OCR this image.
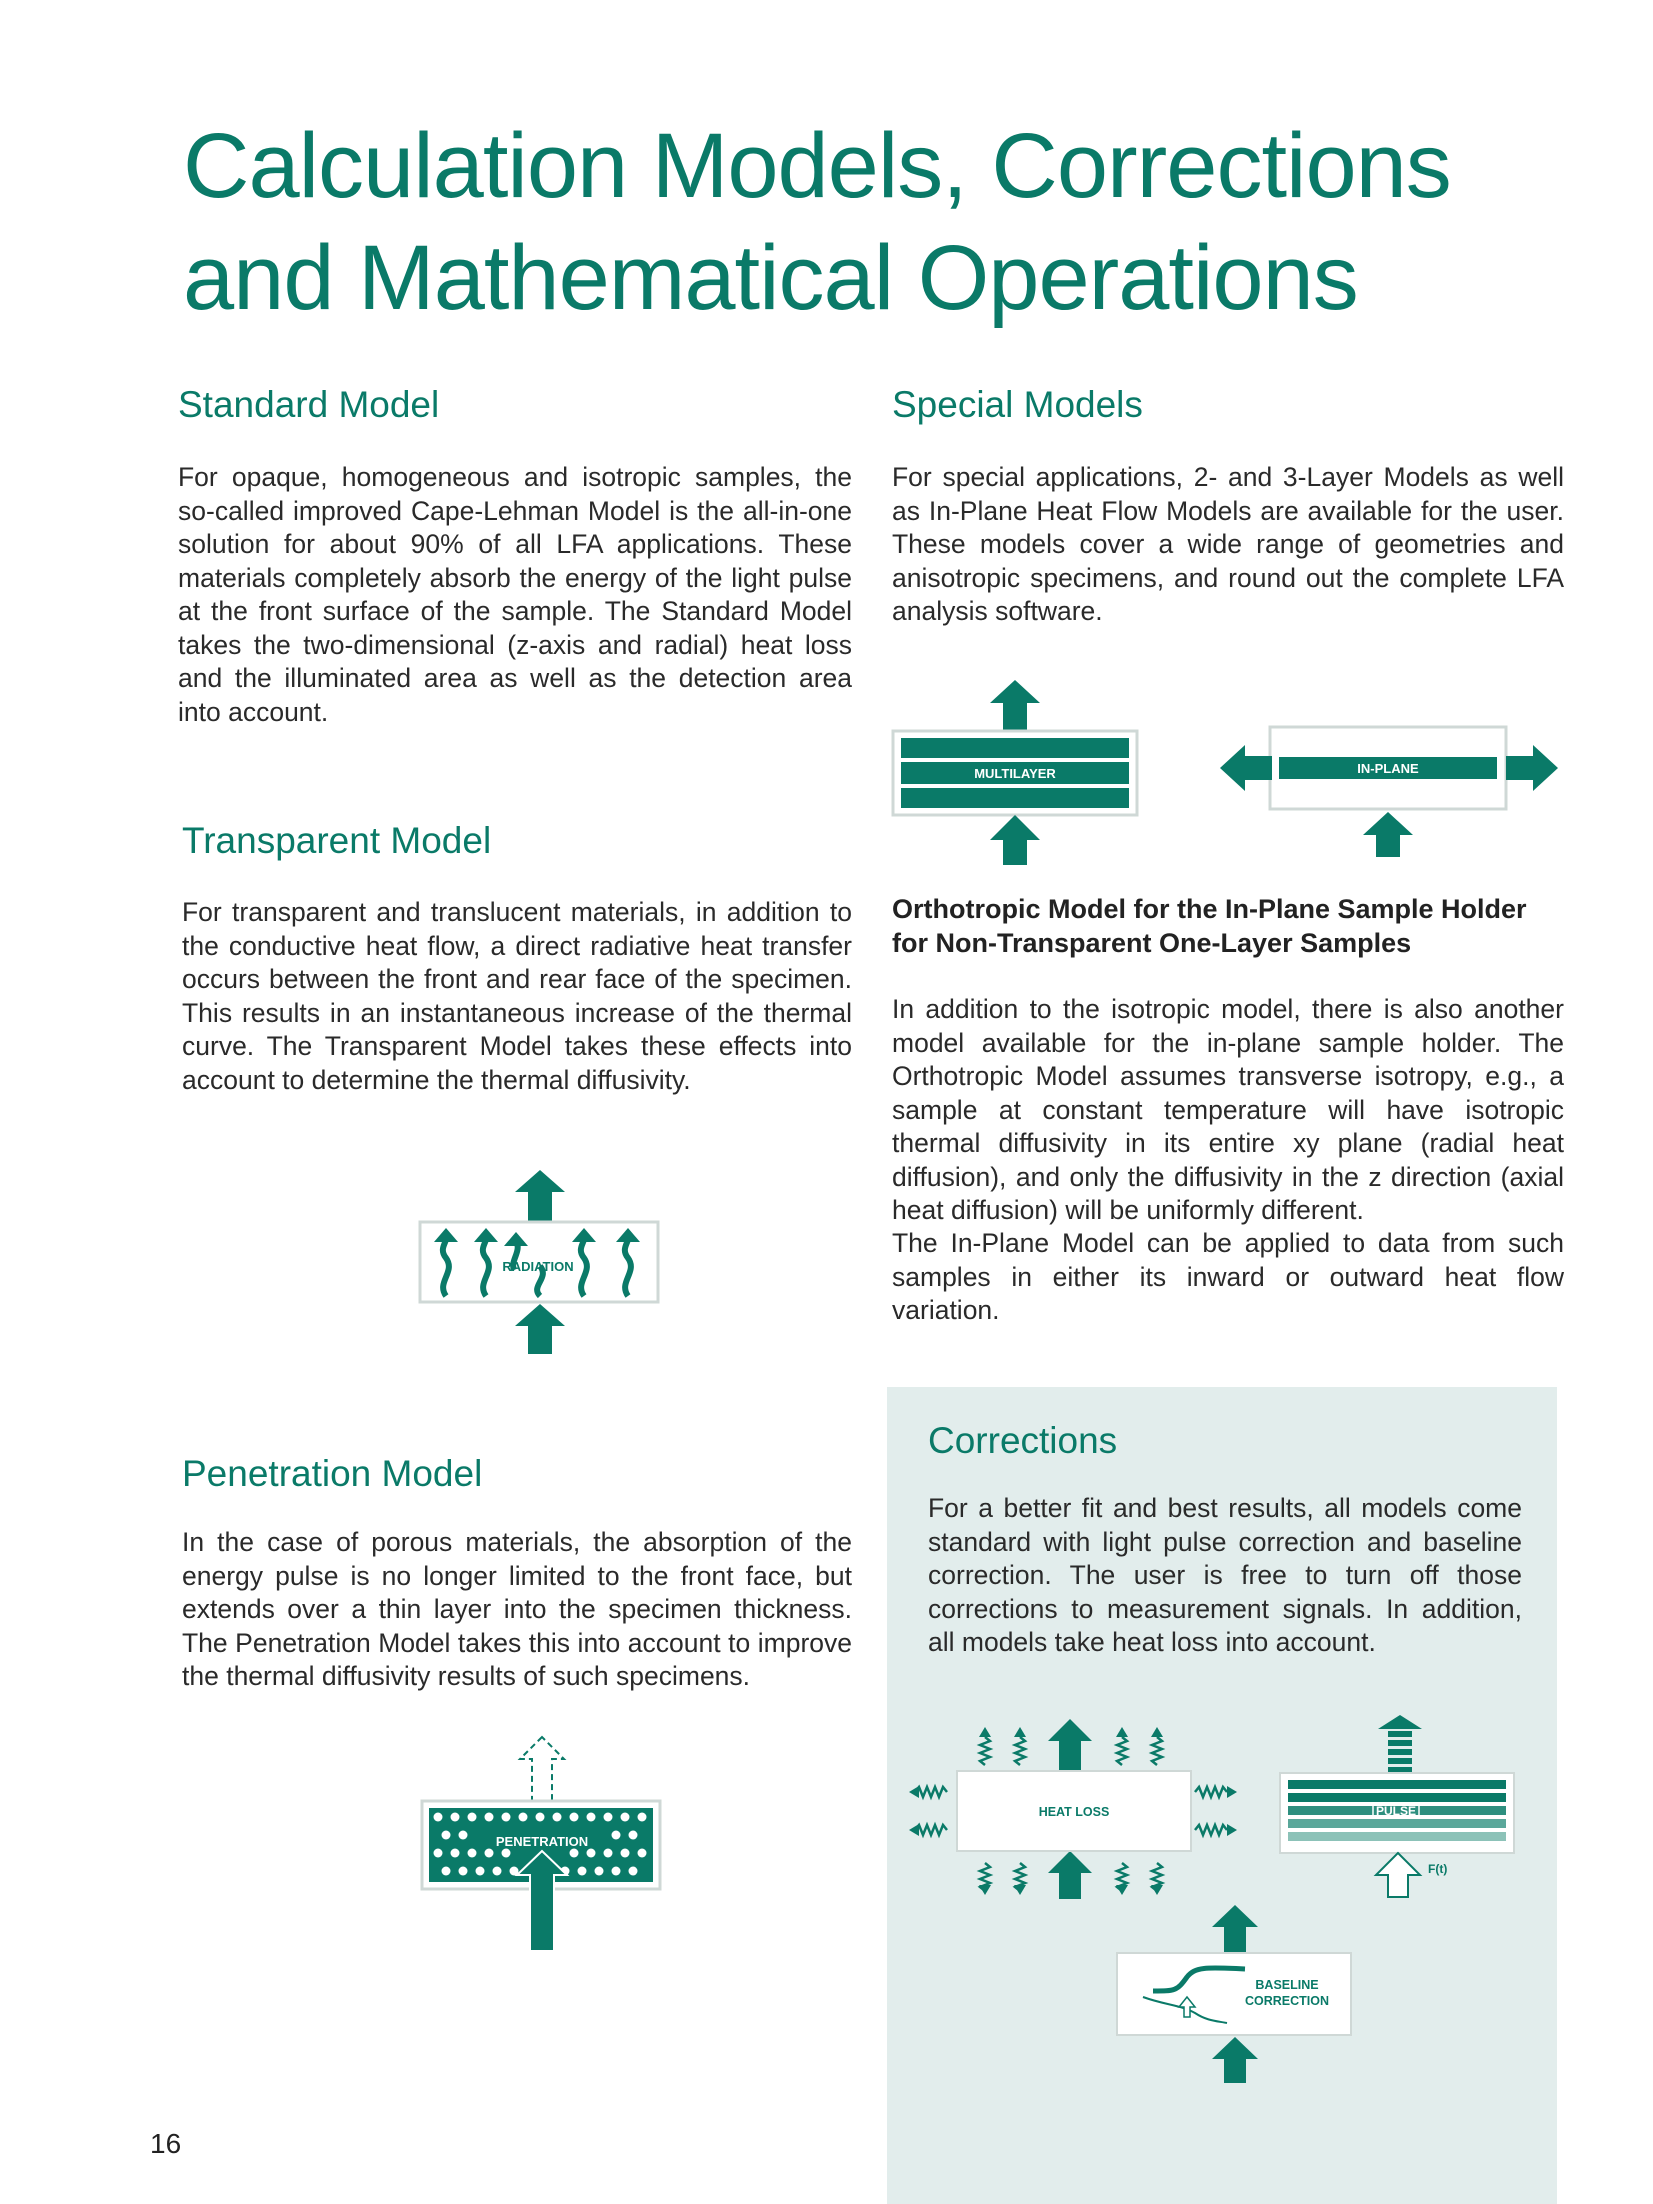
Calculation Models, Corrections
and Mathematical Operations
Standard Model

For opaque, homogeneous and isotropic samples, the so-called improved Cape-Lehman Model is the all-in-one solution for about 90% of all LFA applications. These materials completely absorb the energy of the light pulse at the front surface of the sample. The Standard Model takes the two-dimensional (z-axis and radial) heat loss and the illuminated area as well as the detection area into account.

Special Models

For special applications, 2- and 3-Layer Models as well as In-Plane Heat Flow Models are available for the user. These models cover a wide range of geometries and anisotropic specimens, and round out the complete LFA analysis software.

MULTILAYER	IN-PLANE
Transparent Model

For transparent and translucent materials, in addition to the conductive heat flow, a direct radiative heat transfer occurs between the front and rear face of the specimen. This results in an instantaneous increase of the thermal curve. The Transparent Model takes these effects into account to determine the thermal diffusivity.

RADIATION

Orthotropic Model for the In-Plane Sample Holder
for Non-Transparent One-Layer Samples

In addition to the isotropic model, there is also another model available for the in-plane sample holder. The Orthotropic Model assumes transverse isotropy, e.g., a sample at constant temperature will have isotropic thermal diffusivity in its entire xy plane (radial heat diffusion), and only the diffusivity in the z direction (axial heat diffusion) will be uniformly different.

The In-Plane Model can be applied to data from such samples in either its inward or outward heat flow variation.

Penetration Model

In the case of porous materials, the absorption of the energy pulse is no longer limited to the front face, but extends over a thin layer into the specimen thickness. The Penetration Model takes this into account to improve the thermal diffusivity results of such specimens.

PENETRATION
Corrections

For a better fit and best results, all models come standard with light pulse correction and baseline correction. The user is free to turn off those corrections to measurement signals. In addition, all models take heat loss into account.

HEAT LOSS	PULSE
F(t)
BASELINE
CORRECTION
16
